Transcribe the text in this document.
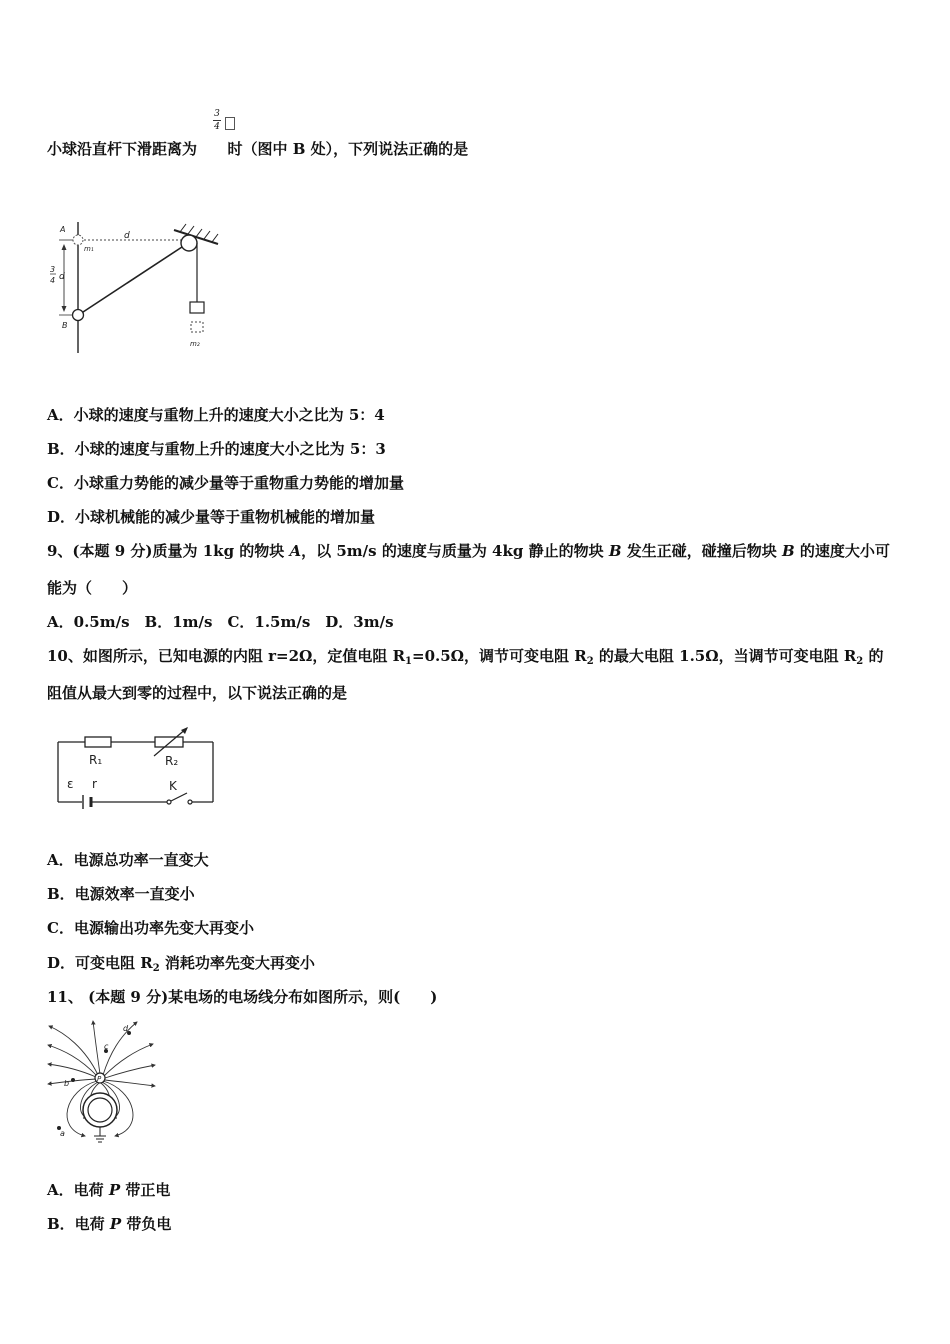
小球沿直杆下滑距离为 时（图中 B 处），下列说法正确的是
3
4
A
m₁
d
3
4 d
B
m₂
A．小球的速度与重物上升的速度大小之比为 5：4
B．小球的速度与重物上升的速度大小之比为 5：3
C．小球重力势能的减少量等于重物重力势能的增加量
D．小球机械能的减少量等于重物机械能的增加量
9、(本题 9 分)质量为 1kg 的物块 A，以 5m/s 的速度与质量为 4kg 静止的物块 B 发生正碰，碰撞后物块 B 的速度大小可
能为（　　）
A．0.5m/s　B．1m/s　C．1.5m/s　D．3m/s
10、如图所示，已知电源的内阻 r=2Ω，定值电阻 $R_1=0.5\Omega$，调节可变电阻 $R_2$ 的最大电阻 1.5Ω，当调节可变电阻 $R_2$ 的
阻值从最大到零的过程中，以下说法正确的是
R₁	R₂
ε r	K
A．电源总功率一直变大
B．电源效率一直变小
C．电源输出功率先变大再变小
D．可变电阻 $R_2$ 消耗功率先变大再变小
11、 (本题 9 分)某电场的电场线分布如图所示，则(　　)
P
a
b
c
d
A．电荷 P 带正电
B．电荷 P 带负电
